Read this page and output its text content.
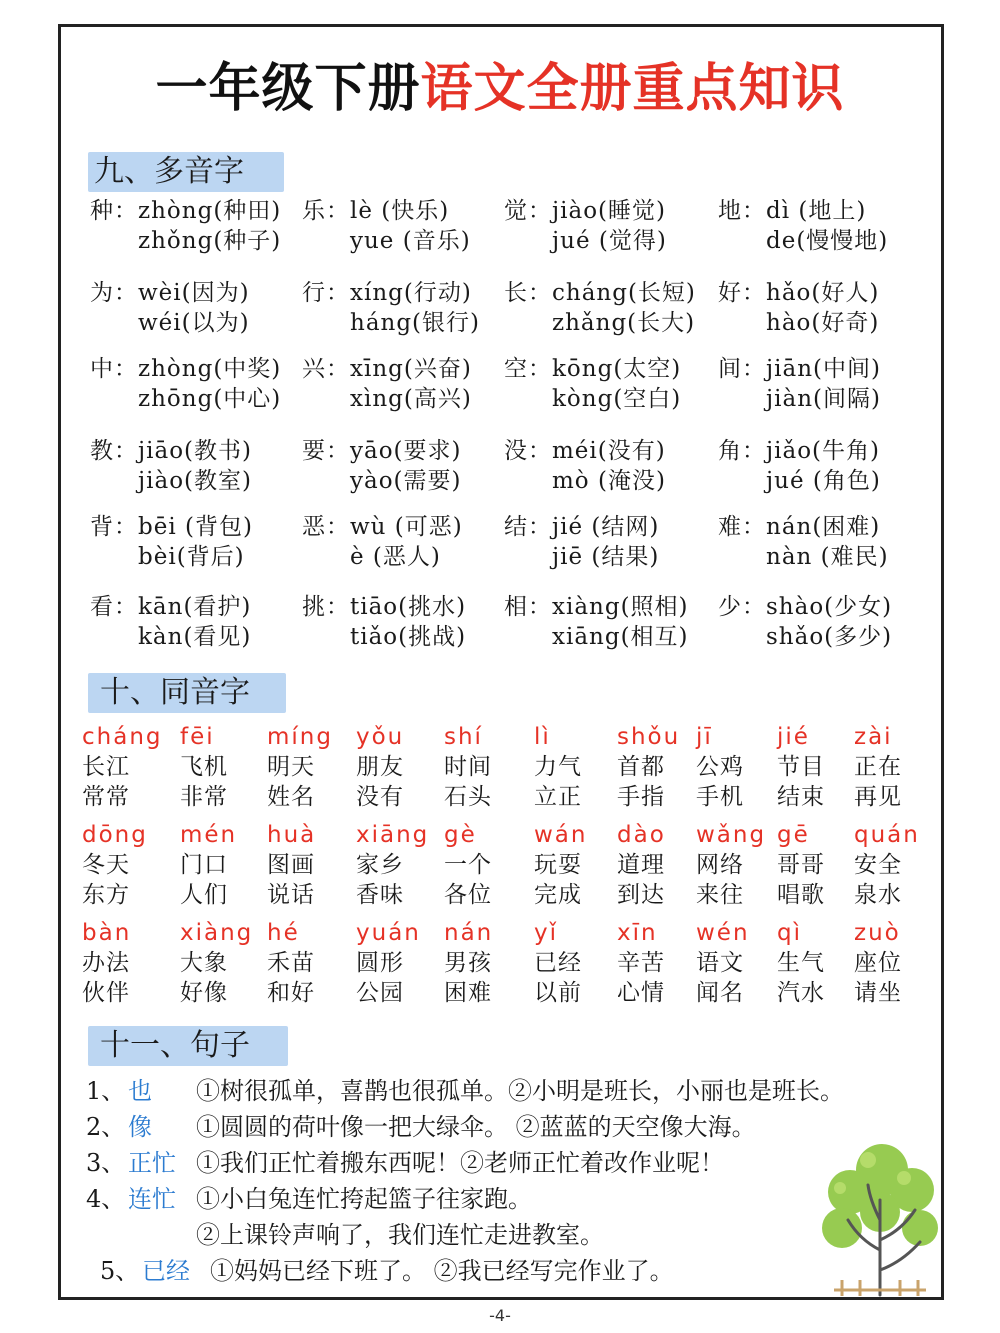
一年级下册语文全册重点知识
九、多音字
十、同音字
十一、句子
种 ： zhòng(种田)
zhǒng(种子)
乐 ： lè (快乐)
yue (音乐)
觉 ： jiào(睡觉)
jué (觉得)
地 ： dì (地上)
de(慢慢地)
为 ： wèi(因为)
wéi(以为)
行 ： xíng(行动)
háng(银行)
长 ： cháng(长短)
zhǎng(长大)
好 ： hǎo(好人)
hào(好奇)
中 ： zhòng(中奖)
zhōng(中心)
兴 ： xīng(兴奋)
xìng(高兴)
空 ： kōng(太空)
kòng(空白)
间 ： jiān(中间)
jiàn(间隔)
教 ： jiāo(教书)
jiào(教室)
要 ： yāo(要求)
yào(需要)
没 ： méi(没有)
mò (淹没)
角 ： jiǎo(牛角)
jué (角色)
背 ： bēi (背包)
bèi(背后)
恶 ： wù (可恶)
è (恶人)
结 ： jié (结网)
jiē (结果)
难 ： nán(困难)
nàn (难民)
看 ： kān(看护)
kàn(看见)
挑 ： tiāo(挑水)
tiǎo(挑战)
相 ： xiàng(照相)
xiāng(相互)
少 ： shào(少女)
shǎo(多少)
cháng
长江
常常
fēi
飞机
非常
míng
明天
姓名
yǒu
朋友
没有
shí
时间
石头
lì
力气
立正
shǒu
首都
手指
jī
公鸡
手机
jié
节目
结束
zài
正在
再见
dōng
冬天
东方
mén
门口
人们
huà
图画
说话
xiāng
家乡
香味
gè
一个
各位
wán
玩耍
完成
dào
道理
到达
wǎng
网络
来往
gē
哥哥
唱歌
quán
安全
泉水
bàn
办法
伙伴
xiàng
大象
好像
hé
禾苗
和好
yuán
圆形
公园
nán
男孩
困难
yǐ
已经
以前
xīn
辛苦
心情
wén
语文
闻名
qì
生气
汽水
zuò
座位
请坐
1、 也 ①树很孤单，喜鹊也很孤单。②小明是班长，小丽也是班长。
2、 像 ①圆圆的荷叶像一把大绿伞。 ②蓝蓝的天空像大海。
3、 正忙 ①我们正忙着搬东西呢！②老师正忙着改作业呢！
4、 连忙 ①小白兔连忙挎起篮子往家跑。
②上课铃声响了，我们连忙走进教室。
5、 已经 ①妈妈已经下班了。 ②我已经写完作业了。
-4-
